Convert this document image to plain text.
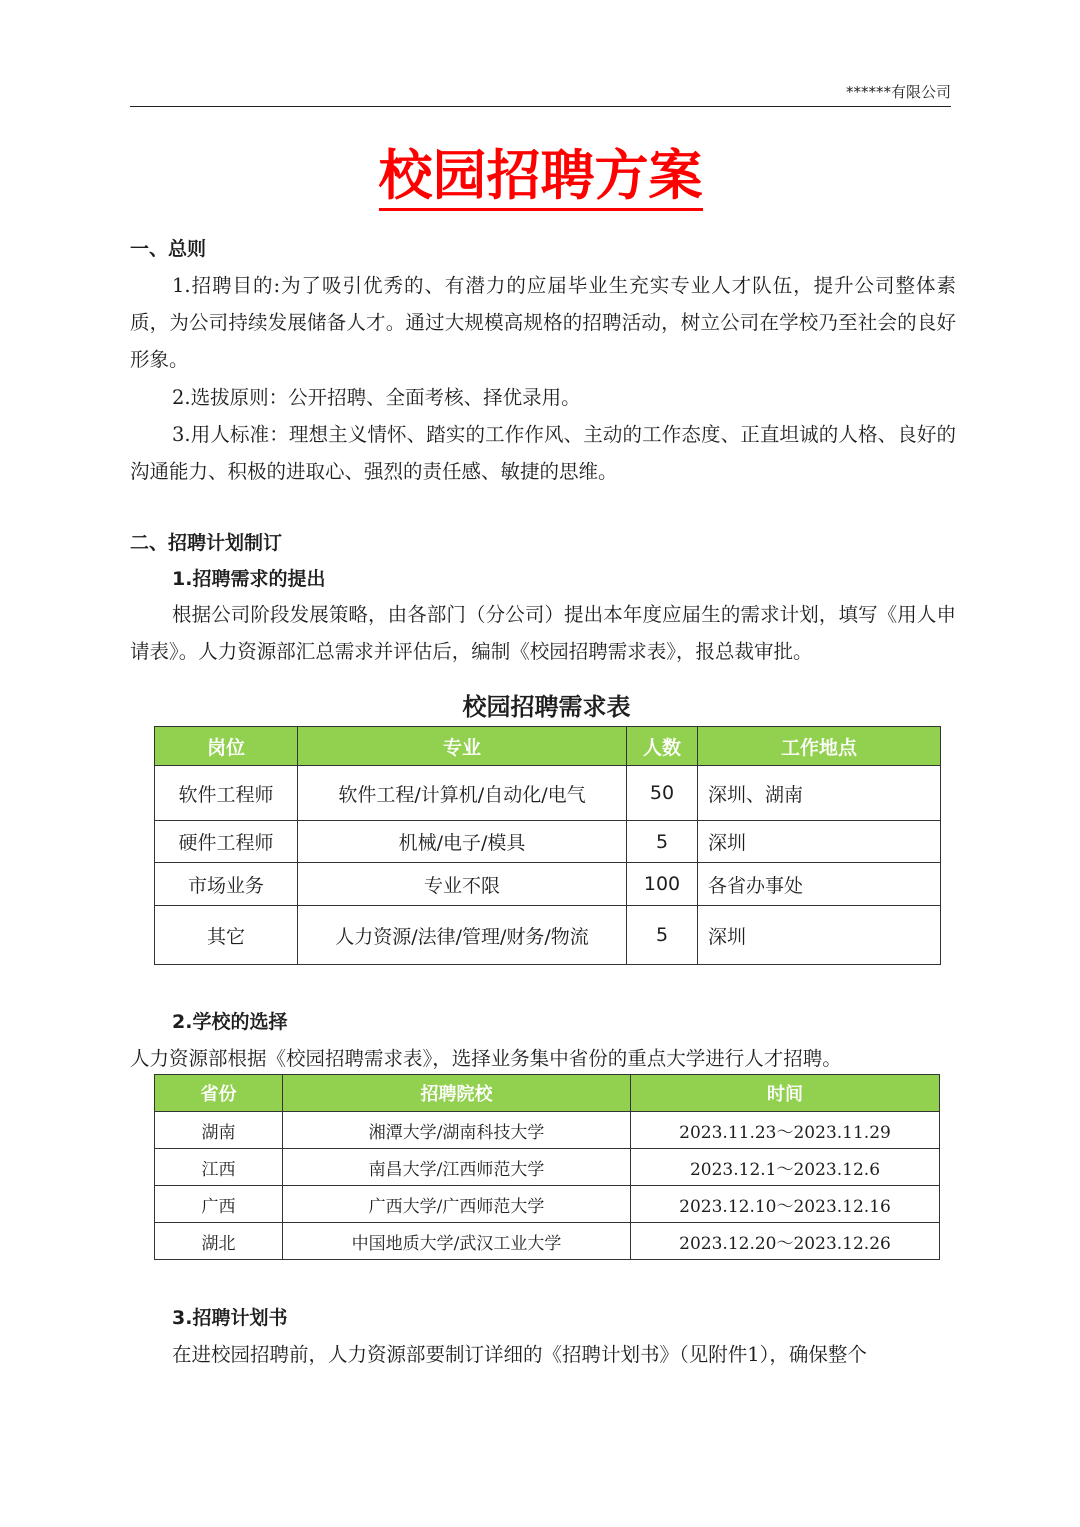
******有限公司
校园招聘方案
一、总则
1.招聘目的:为了吸引优秀的、有潜力的应届毕业生充实专业人才队伍，提升公司整体素质，为公司持续发展储备人才。通过大规模高规格的招聘活动，树立公司在学校乃至社会的良好形象。
2.选拔原则：公开招聘、全面考核、择优录用。
3.用人标准：理想主义情怀、踏实的工作作风、主动的工作态度、正直坦诚的人格、良好的沟通能力、积极的进取心、强烈的责任感、敏捷的思维。
二、招聘计划制订
1.招聘需求的提出
根据公司阶段发展策略，由各部门（分公司）提出本年度应届生的需求计划，填写《用人申请表》。人力资源部汇总需求并评估后，编制《校园招聘需求表》，报总裁审批。
校园招聘需求表
岗位	专业	人数	工作地点
软件工程师	软件工程/计算机/自动化/电气	50	深圳、湖南
硬件工程师	机械/电子/模具	5	深圳
市场业务	专业不限	100	各省办事处
其它	人力资源/法律/管理/财务/物流	5	深圳
2.学校的选择
人力资源部根据《校园招聘需求表》，选择业务集中省份的重点大学进行人才招聘。
省份	招聘院校	时间
湖南	湘潭大学/湖南科技大学	2023.11.23～2023.11.29
江西	南昌大学/江西师范大学	2023.12.1～2023.12.6
广西	广西大学/广西师范大学	2023.12.10～2023.12.16
湖北	中国地质大学/武汉工业大学	2023.12.20～2023.12.26
3.招聘计划书
在进校园招聘前，人力资源部要制订详细的《招聘计划书》（见附件1），确保整个
